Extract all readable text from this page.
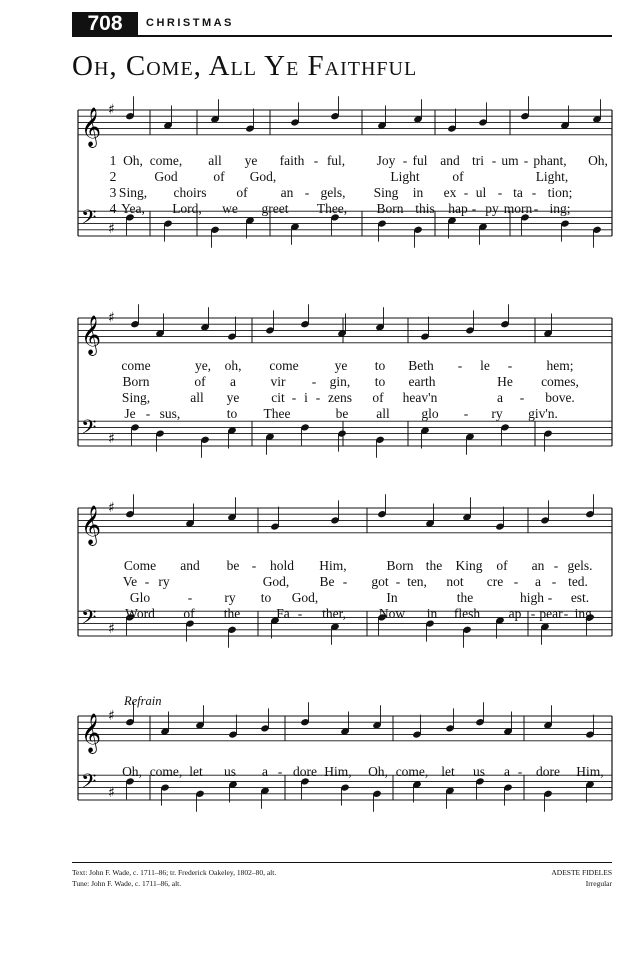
708	CHRISTMAS
Oh, Come, All Ye Faithful
𝄞 ♯
𝄢 ♯
𝄞 ♯
𝄢 ♯
𝄞 ♯
𝄢 ♯
𝄞 ♯
𝄢 ♯
1 Oh, come, all ye faith - ful, Joy - ful and tri - um - phant, Oh,
2	God	of God,	Light of	Light,
3 Sing, choirs of an - gels, Sing in ex - ul - ta - tion;
4 Yea, Lord, we greet Thee, Born this hap - py morn - ing;
come	ye, oh, come	ye to Beth - le -	hem;
Born	of a	vir - gin, to earth	He comes,
Sing,	all ye cit - i - zens of heav'n	a - bove.
Je - sus,	to Thee	be all glo - ry giv'n.
Come and be - hold Him,	Born the King of an - gels.
Ve - ry	God, Be - got - ten, not cre - a - ted.
Glo	- ry to God,	In	the	high - est.
Word of the	Fa - ther, Now in flesh ap - pear - ing.
Oh, come, let us a - dore Him, Oh, come, let us a - dore Him,
Refrain
Text: John F. Wade, c. 1711–86; tr. Frederick Oakeley, 1802–80, alt.
Tune: John F. Wade, c. 1711–86, alt.
ADESTE FIDELES
Irregular
